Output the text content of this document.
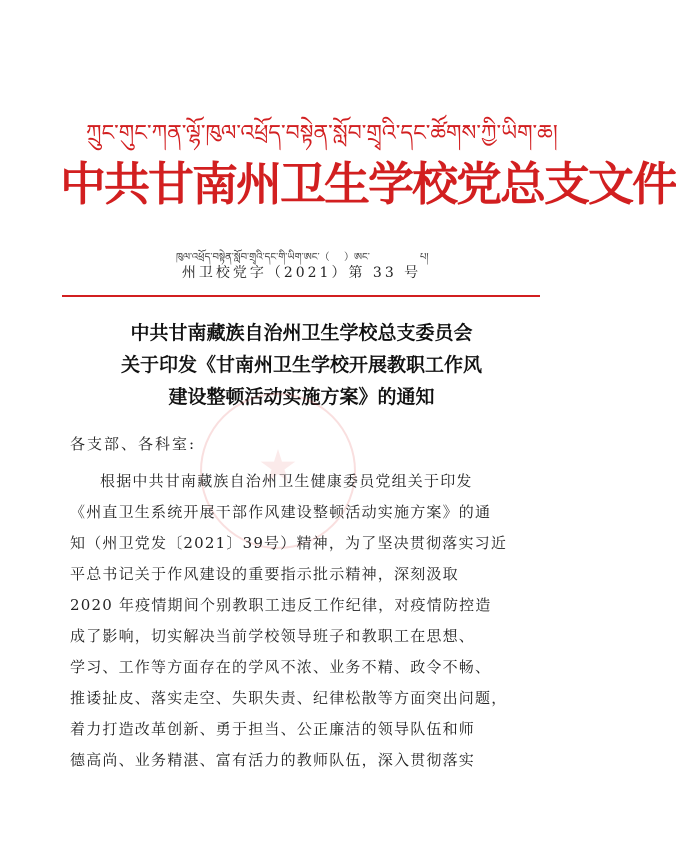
ཀྲུང་གུང་ཀན་ལྷོ་ཁུལ་འཕྲོད་བསྟེན་སློབ་གྲྭའི་དང་ཚོགས་ཀྱི་ཡིག་ཆ།
中共甘南州卫生学校党总支文件
ཁུལ་འཕྲོད་བསྟེན་སློབ་གྲྭའི་དང་གི་ཡིག་ཨང་（ ）ཨང་	པ།
州卫校党字（2021）第 33 号
中共甘南藏族自治州卫生学校总支委员会
关于印发《甘南州卫生学校开展教职工作风
建设整顿活动实施方案》的通知
各支部、各科室:
根据中共甘南藏族自治州卫生健康委员党组关于印发
《州直卫生系统开展干部作风建设整顿活动实施方案》的通
知（州卫党发〔2021〕39号）精神，为了坚决贯彻落实习近
平总书记关于作风建设的重要指示批示精神，深刻汲取
2020 年疫情期间个别教职工违反工作纪律，对疫情防控造
成了影响，切实解决当前学校领导班子和教职工在思想、
学习、工作等方面存在的学风不浓、业务不精、政令不畅、
推诿扯皮、落实走空、失职失责、纪律松散等方面突出问题，
着力打造改革创新、勇于担当、公正廉洁的领导队伍和师
德高尚、业务精湛、富有活力的教师队伍，深入贯彻落实
